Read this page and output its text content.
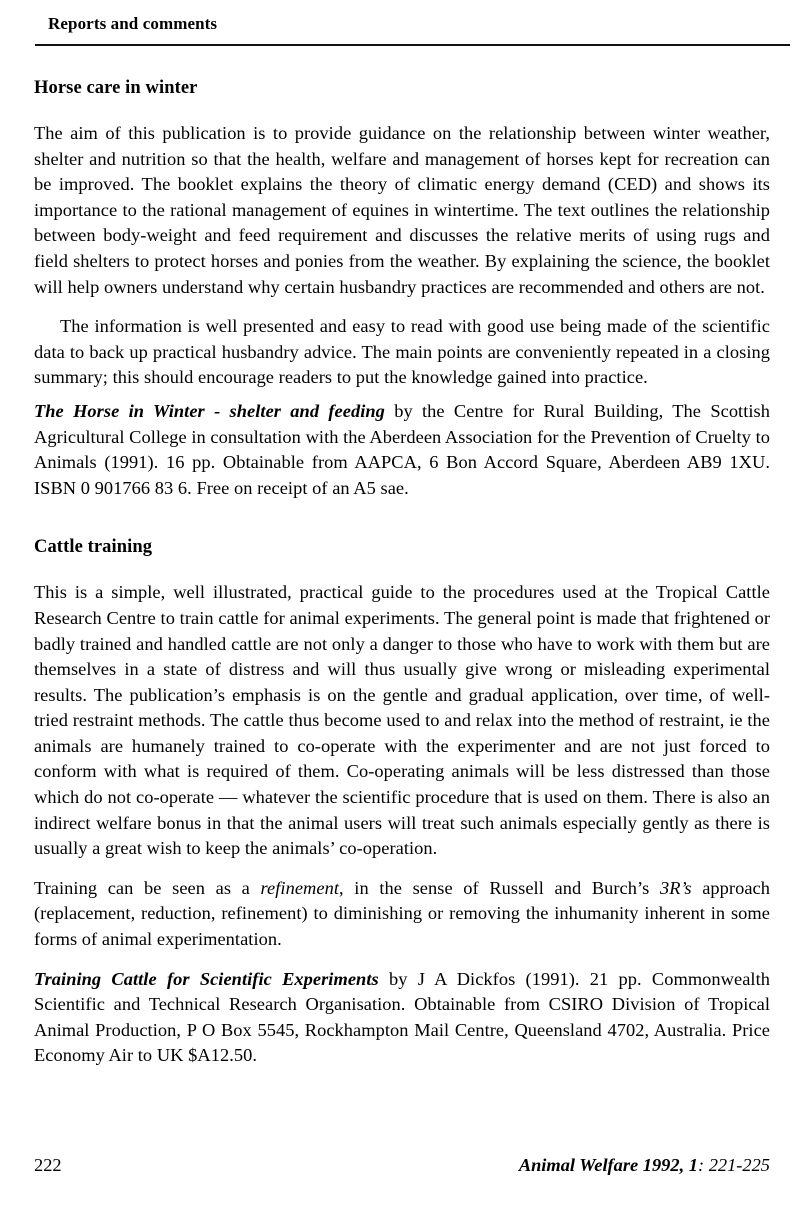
Reports and comments
Horse care in winter

The aim of this publication is to provide guidance on the relationship between winter weather, shelter and nutrition so that the health, welfare and management of horses kept for recreation can be improved. The booklet explains the theory of climatic energy demand (CED) and shows its importance to the rational management of equines in wintertime. The text outlines the relationship between body-weight and feed requirement and discusses the relative merits of using rugs and field shelters to protect horses and ponies from the weather. By explaining the science, the booklet will help owners understand why certain husbandry practices are recommended and others are not.

The information is well presented and easy to read with good use being made of the scientific data to back up practical husbandry advice. The main points are conveniently repeated in a closing summary; this should encourage readers to put the knowledge gained into practice.

The Horse in Winter - shelter and feeding by the Centre for Rural Building, The Scottish Agricultural College in consultation with the Aberdeen Association for the Prevention of Cruelty to Animals (1991). 16 pp. Obtainable from AAPCA, 6 Bon Accord Square, Aberdeen AB9 1XU. ISBN 0 901766 83 6. Free on receipt of an A5 sae.
Cattle training

This is a simple, well illustrated, practical guide to the procedures used at the Tropical Cattle Research Centre to train cattle for animal experiments. The general point is made that frightened or badly trained and handled cattle are not only a danger to those who have to work with them but are themselves in a state of distress and will thus usually give wrong or misleading experimental results. The publication’s emphasis is on the gentle and gradual application, over time, of well-tried restraint methods. The cattle thus become used to and relax into the method of restraint, ie the animals are humanely trained to co-operate with the experimenter and are not just forced to conform with what is required of them. Co-operating animals will be less distressed than those which do not co-operate — whatever the scientific procedure that is used on them. There is also an indirect welfare bonus in that the animal users will treat such animals especially gently as there is usually a great wish to keep the animals’ co-operation.

Training can be seen as a refinement, in the sense of Russell and Burch’s 3R’s approach (replacement, reduction, refinement) to diminishing or removing the inhumanity inherent in some forms of animal experimentation.

Training Cattle for Scientific Experiments by J A Dickfos (1991). 21 pp. Commonwealth Scientific and Technical Research Organisation. Obtainable from CSIRO Division of Tropical Animal Production, P O Box 5545, Rockhampton Mail Centre, Queensland 4702, Australia. Price Economy Air to UK $A12.50.
222	Animal Welfare 1992, 1: 221-225
